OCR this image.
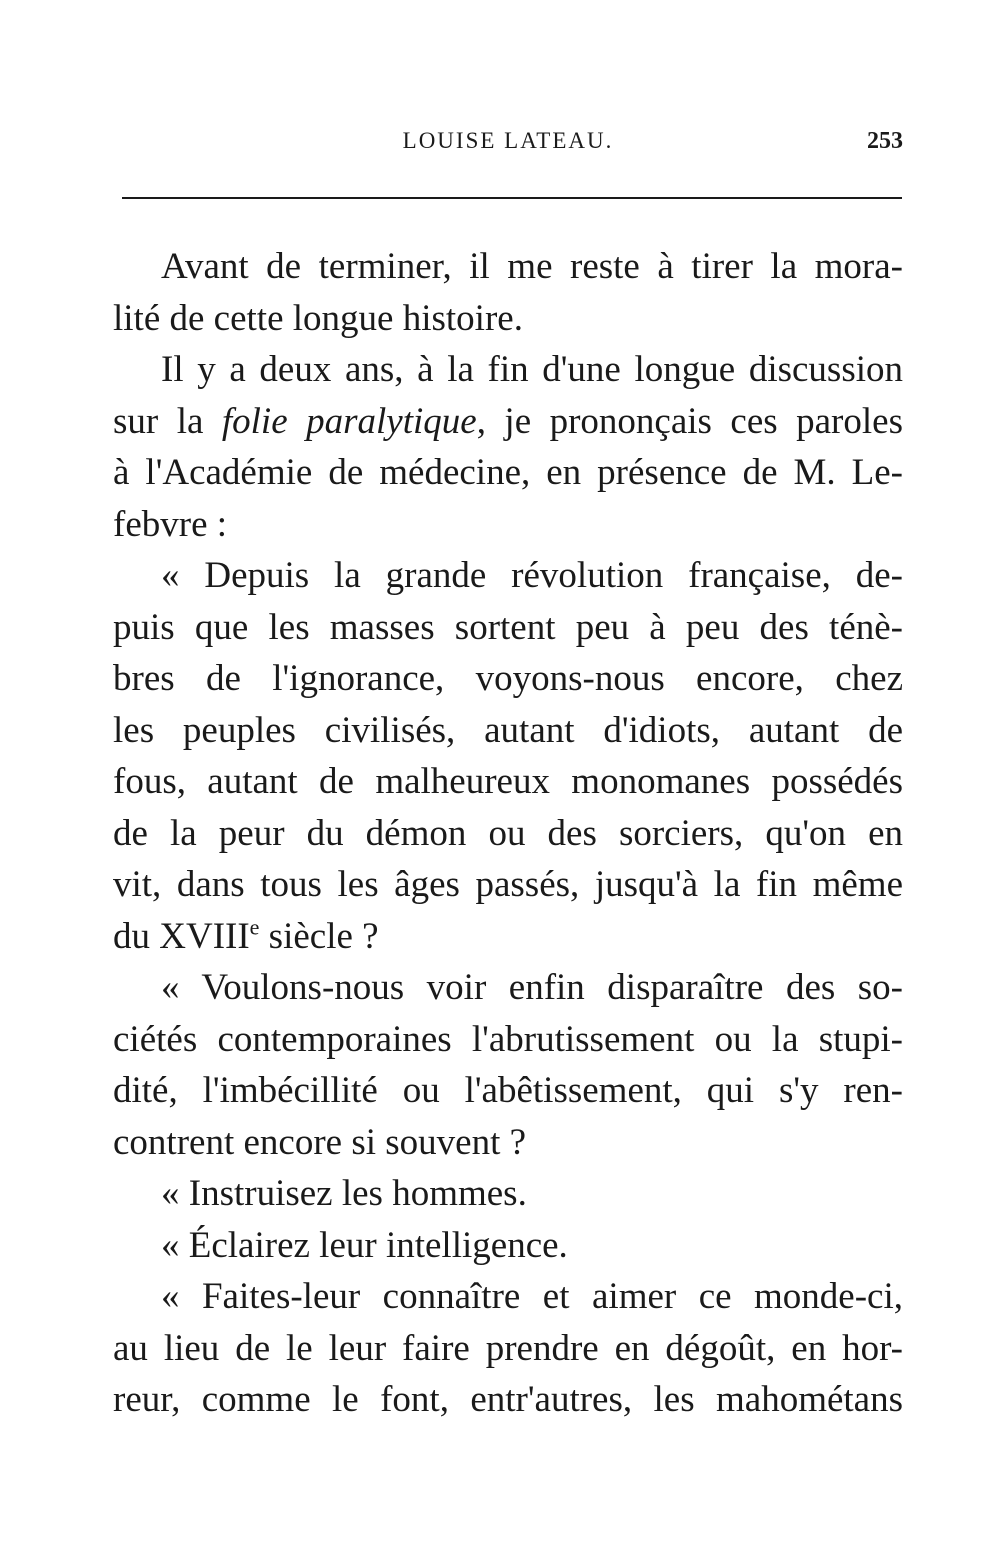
LOUISE LATEAU.	253
Avant de terminer, il me reste à tirer la mora-
lité de cette longue histoire.
Il y a deux ans, à la fin d'une longue discussion
sur la folie paralytique, je prononçais ces paroles
à l'Académie de médecine, en présence de M. Le-
febvre :
« Depuis la grande révolution française, de-
puis que les masses sortent peu à peu des ténè-
bres de l'ignorance, voyons-nous encore, chez
les peuples civilisés, autant d'idiots, autant de
fous, autant de malheureux monomanes possédés
de la peur du démon ou des sorciers, qu'on en
vit, dans tous les âges passés, jusqu'à la fin même
du XVIIIe siècle ?
« Voulons-nous voir enfin disparaître des so-
ciétés contemporaines l'abrutissement ou la stupi-
dité, l'imbécillité ou l'abêtissement, qui s'y ren-
contrent encore si souvent ?
« Instruisez les hommes.
« Éclairez leur intelligence.
« Faites-leur connaître et aimer ce monde-ci,
au lieu de le leur faire prendre en dégoût, en hor-
reur, comme le font, entr'autres, les mahométans
